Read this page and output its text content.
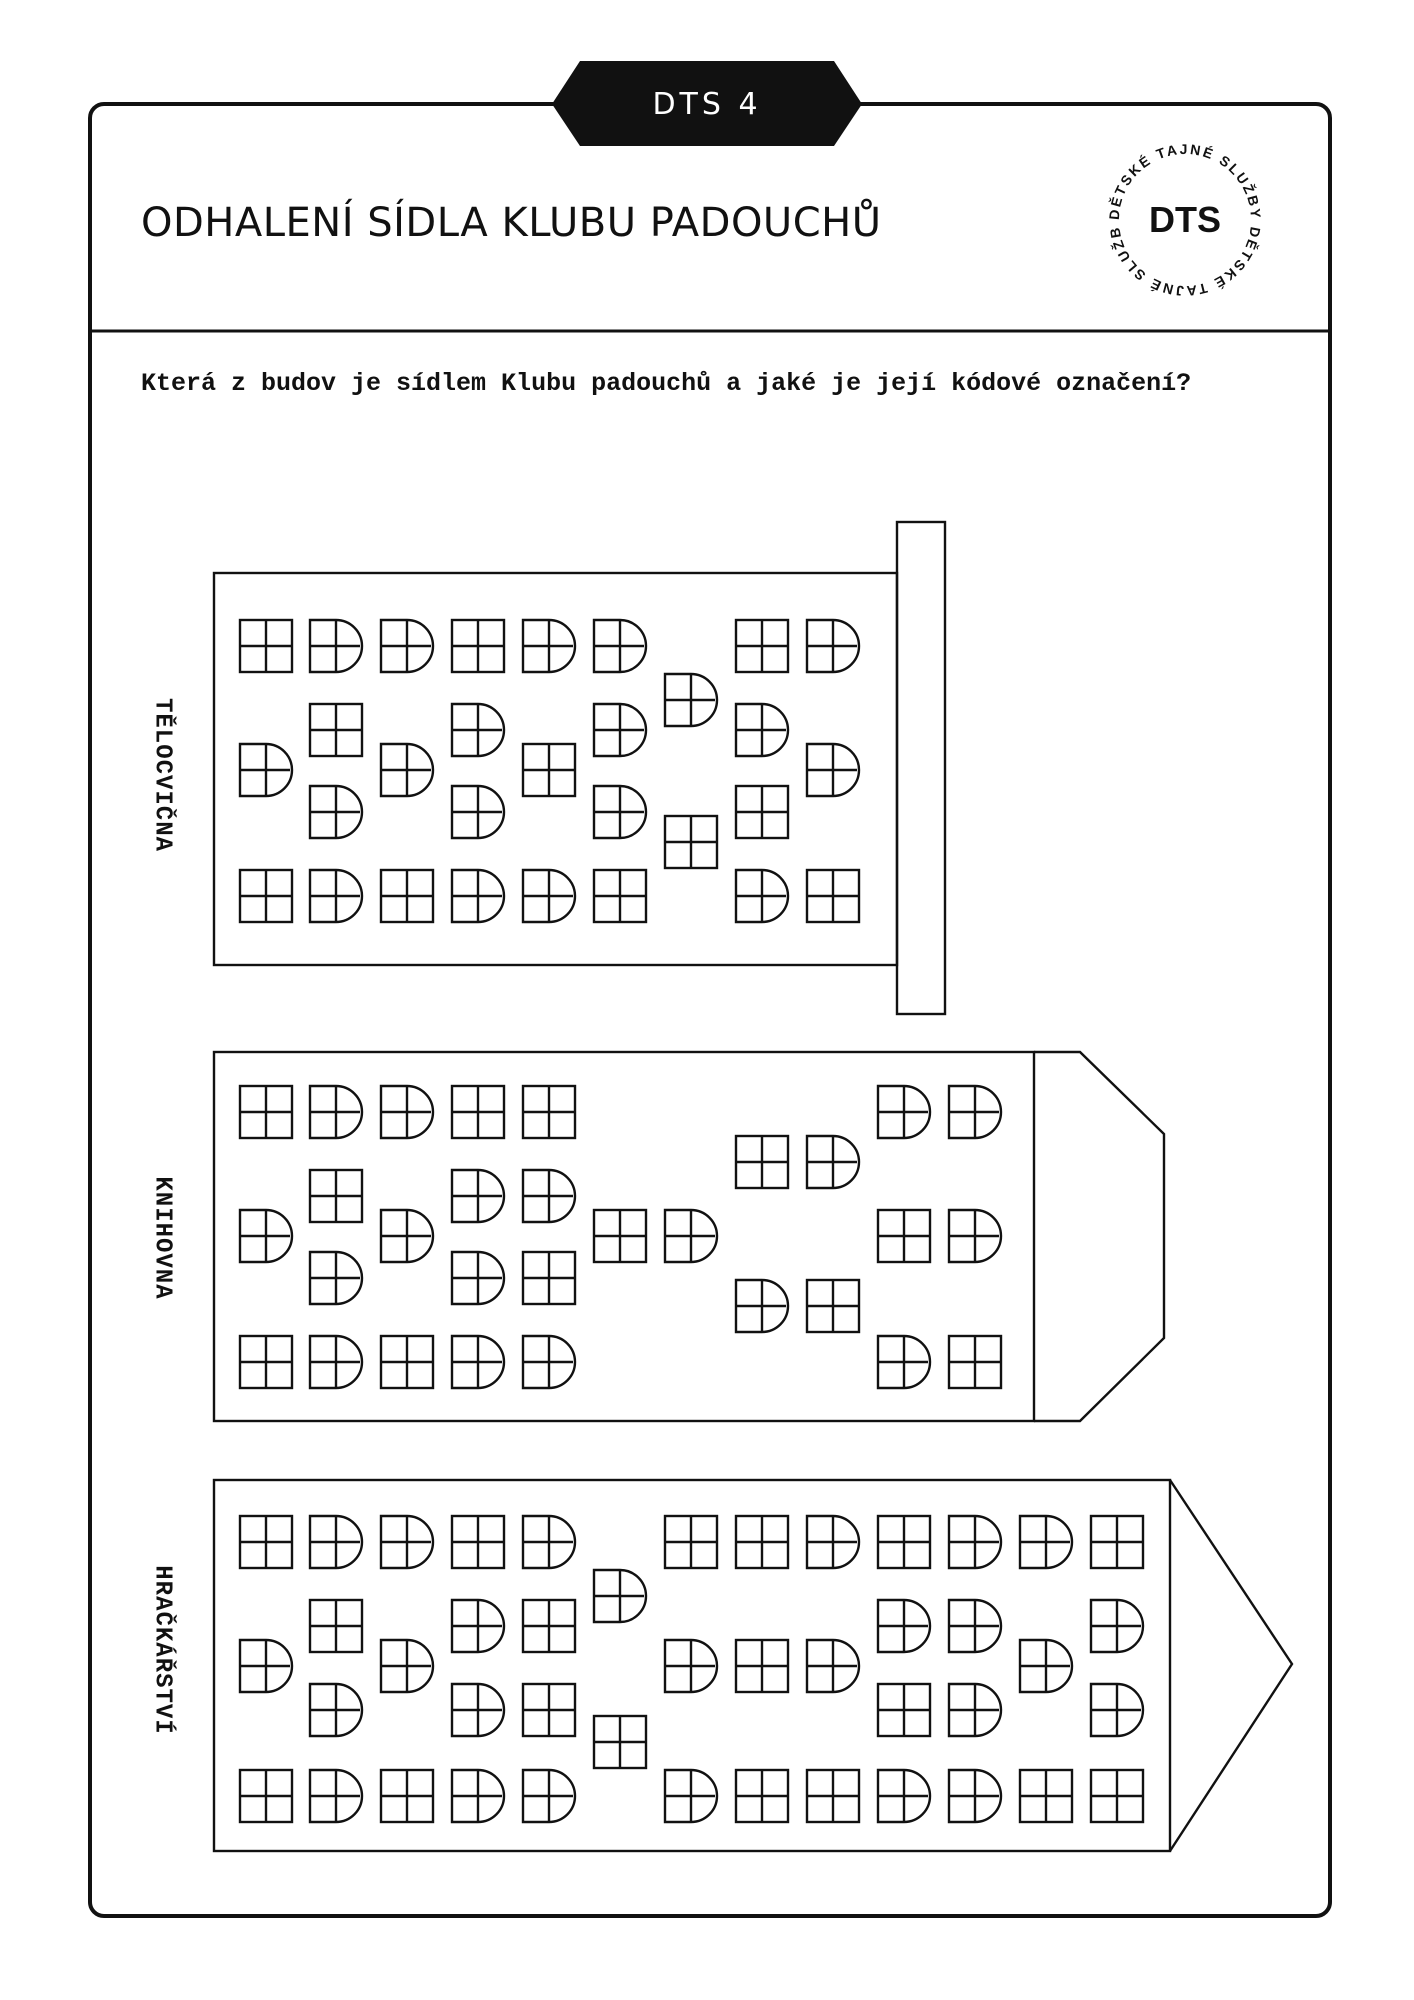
DTS 4
ODHALENÍ SÍDLA KLUBU PADOUCHŮ	DĚTSKÉ TAJNÉ SLUŽBY DĚTSKÉ TAJNÉ SLUŽB DTS
Která z budov je sídlem Klubu padouchů a jaké je její kódové označení?
TĚLOCVIČNA
KNIHOVNA
HRAČKÁŘSTVÍ
